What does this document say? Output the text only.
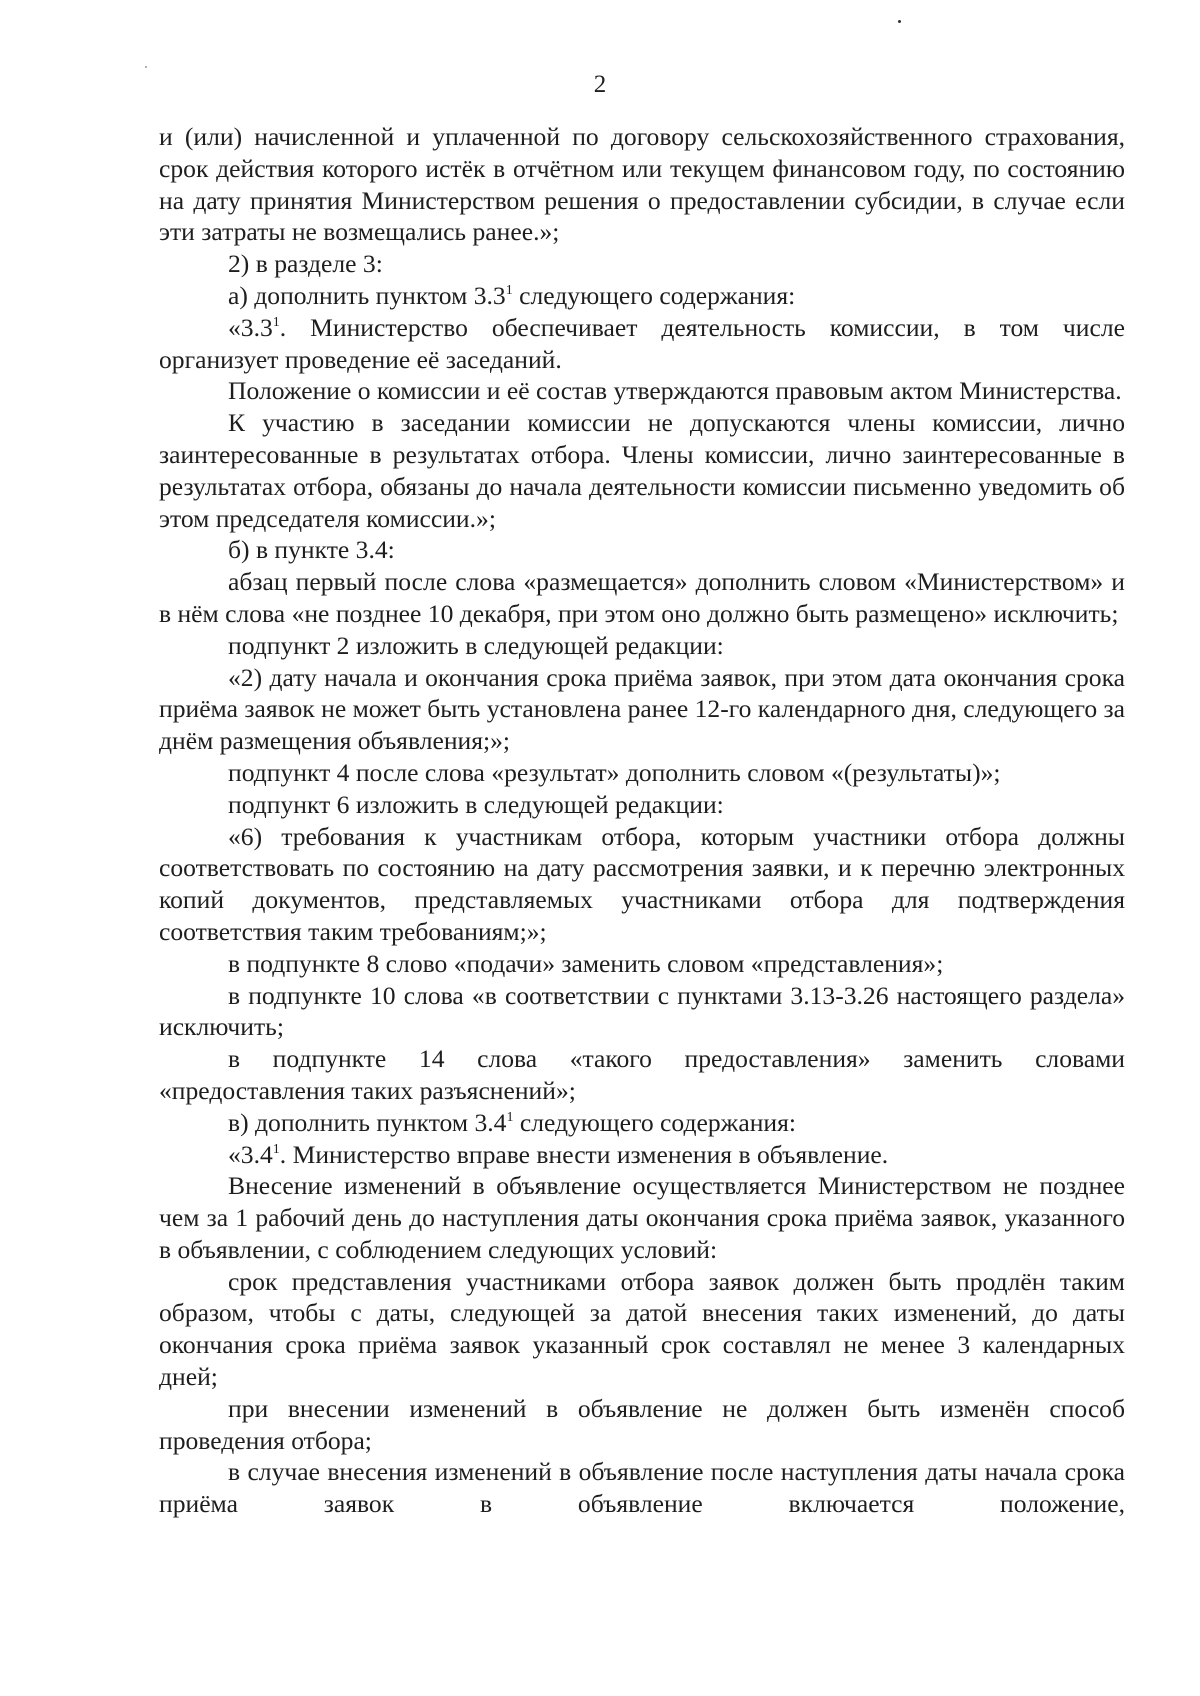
2

и (или) начисленной и уплаченной по договору сельскохозяйственного страхования, срок действия которого истёк в отчётном или текущем финансовом году, по состоянию на дату принятия Министерством решения о предоставлении субсидии, в случае если эти затраты не возмещались ранее.»;

2) в разделе 3:

а) дополнить пунктом $3.3^1$ следующего содержания:

«$3.3^1$. Министерство обеспечивает деятельность комиссии, в том числе организует проведение её заседаний.

Положение о комиссии и её состав утверждаются правовым актом Министерства.

К участию в заседании комиссии не допускаются члены комиссии, лично заинтересованные в результатах отбора. Члены комиссии, лично заинтересованные в результатах отбора, обязаны до начала деятельности комиссии письменно уведомить об этом председателя комиссии.»;

б) в пункте 3.4:

абзац первый после слова «размещается» дополнить словом «Министерством» и в нём слова «не позднее 10 декабря, при этом оно должно быть размещено» исключить;

подпункт 2 изложить в следующей редакции:

«2) дату начала и окончания срока приёма заявок, при этом дата окончания срока приёма заявок не может быть установлена ранее 12-го календарного дня, следующего за днём размещения объявления;»;

подпункт 4 после слова «результат» дополнить словом «(результаты)»;

подпункт 6 изложить в следующей редакции:

«6) требования к участникам отбора, которым участники отбора должны соответствовать по состоянию на дату рассмотрения заявки, и к перечню электронных копий документов, представляемых участниками отбора для подтверждения соответствия таким требованиям;»;

в подпункте 8 слово «подачи» заменить словом «представления»;

в подпункте 10 слова «в соответствии с пунктами 3.13-3.26 настоящего раздела» исключить;

в подпункте 14 слова «такого предоставления» заменить словами «предоставления таких разъяснений»;

в) дополнить пунктом $3.4^1$ следующего содержания:

«$3.4^1$. Министерство вправе внести изменения в объявление.

Внесение изменений в объявление осуществляется Министерством не позднее чем за 1 рабочий день до наступления даты окончания срока приёма заявок, указанного в объявлении, с соблюдением следующих условий:

срок представления участниками отбора заявок должен быть продлён таким образом, чтобы с даты, следующей за датой внесения таких изменений, до даты окончания срока приёма заявок указанный срок составлял не менее 3 календарных дней;

при внесении изменений в объявление не должен быть изменён способ проведения отбора;

в случае внесения изменений в объявление после наступления даты начала срока приёма заявок в объявление включается положение,
